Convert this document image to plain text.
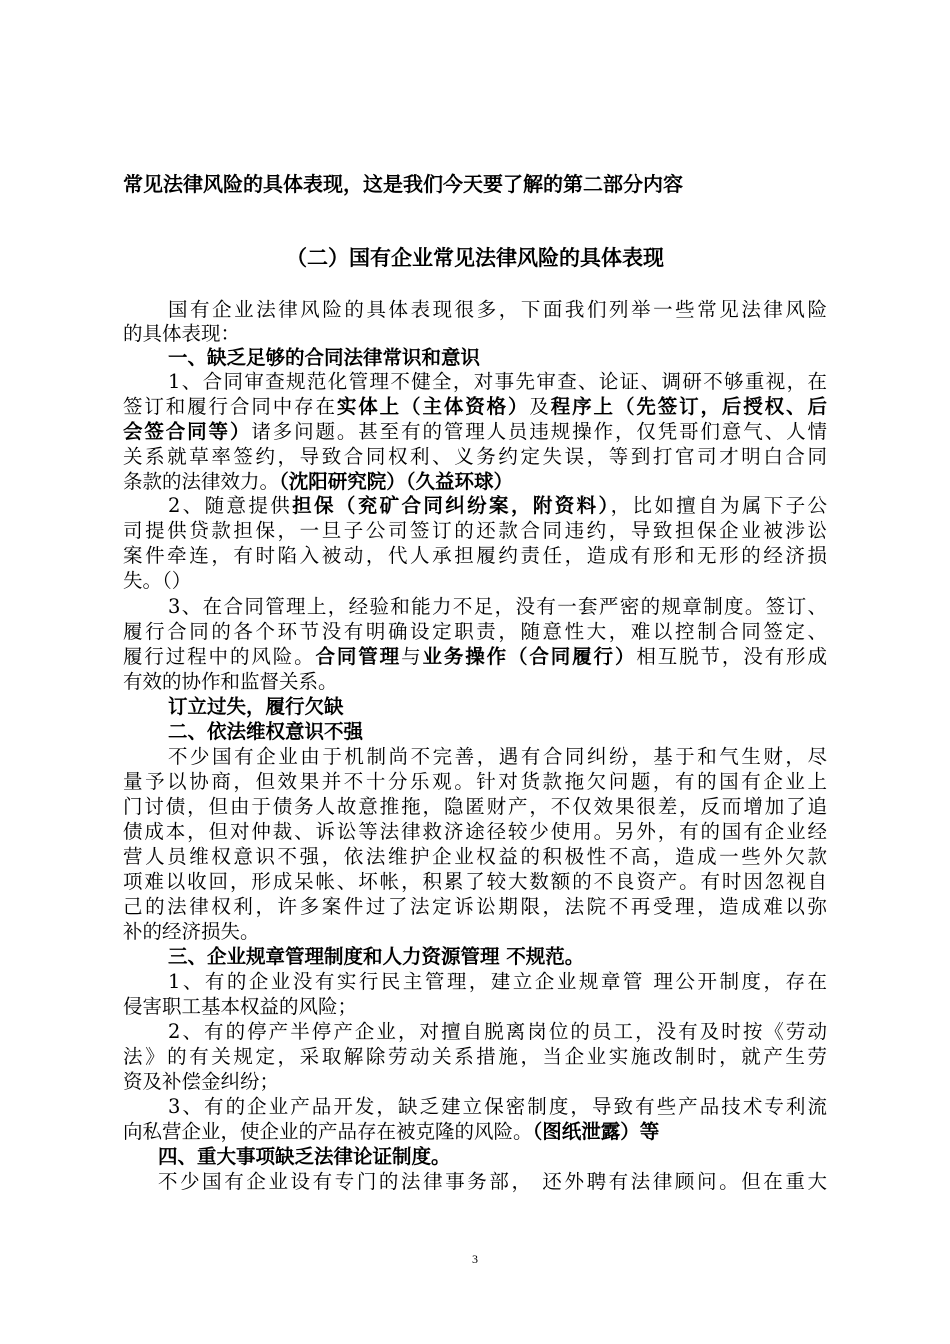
常见法律风险的具体表现，这是我们今天要了解的第二部分内容
（二）国有企业常见法律风险的具体表现
国有企业法律风险的具体表现很多，下面我们列举一些常见法律风险
的具体表现：
一、缺乏足够的合同法律常识和意识
1、合同审查规范化管理不健全，对事先审查、论证、调研不够重视，在
签订和履行合同中存在实体上（主体资格）及程序上（先签订，后授权、后
会签合同等）诸多问题。甚至有的管理人员违规操作，仅凭哥们意气、人情
关系就草率签约，导致合同权利、义务约定失误，等到打官司才明白合同
条款的法律效力。（沈阳研究院）（久益环球）
2、随意提供担保（兖矿合同纠纷案，附资料），比如擅自为属下子公
司提供贷款担保，一旦子公司签订的还款合同违约，导致担保企业被涉讼
案件牵连，有时陷入被动，代人承担履约责任，造成有形和无形的经济损
失。（）
3、在合同管理上，经验和能力不足，没有一套严密的规章制度。签订、
履行合同的各个环节没有明确设定职责，随意性大，难以控制合同签定、
履行过程中的风险。合同管理与业务操作（合同履行）相互脱节，没有形成
有效的协作和监督关系。
订立过失，履行欠缺
二、依法维权意识不强
不少国有企业由于机制尚不完善，遇有合同纠纷，基于和气生财，尽
量予以协商，但效果并不十分乐观。针对货款拖欠问题，有的国有企业上
门讨债，但由于债务人故意推拖，隐匿财产，不仅效果很差，反而增加了追
债成本，但对仲裁、诉讼等法律救济途径较少使用。另外，有的国有企业经
营人员维权意识不强，依法维护企业权益的积极性不高，造成一些外欠款
项难以收回，形成呆帐、坏帐，积累了较大数额的不良资产。有时因忽视自
己的法律权利，许多案件过了法定诉讼期限，法院不再受理，造成难以弥
补的经济损失。
三、企业规章管理制度和人力资源管理 不规范。
1、有的企业没有实行民主管理，建立企业规章管 理公开制度，存在
侵害职工基本权益的风险；
2、有的停产半停产企业，对擅自脱离岗位的员工，没有及时按《劳动
法》的有关规定，采取解除劳动关系措施，当企业实施改制时，就产生劳
资及补偿金纠纷；
3、有的企业产品开发，缺乏建立保密制度，导致有些产品技术专利流
向私营企业，使企业的产品存在被克隆的风险。（图纸泄露）等
四、重大事项缺乏法律论证制度。
不少国有企业设有专门的法律事务部， 还外聘有法律顾问。但在重大
3
